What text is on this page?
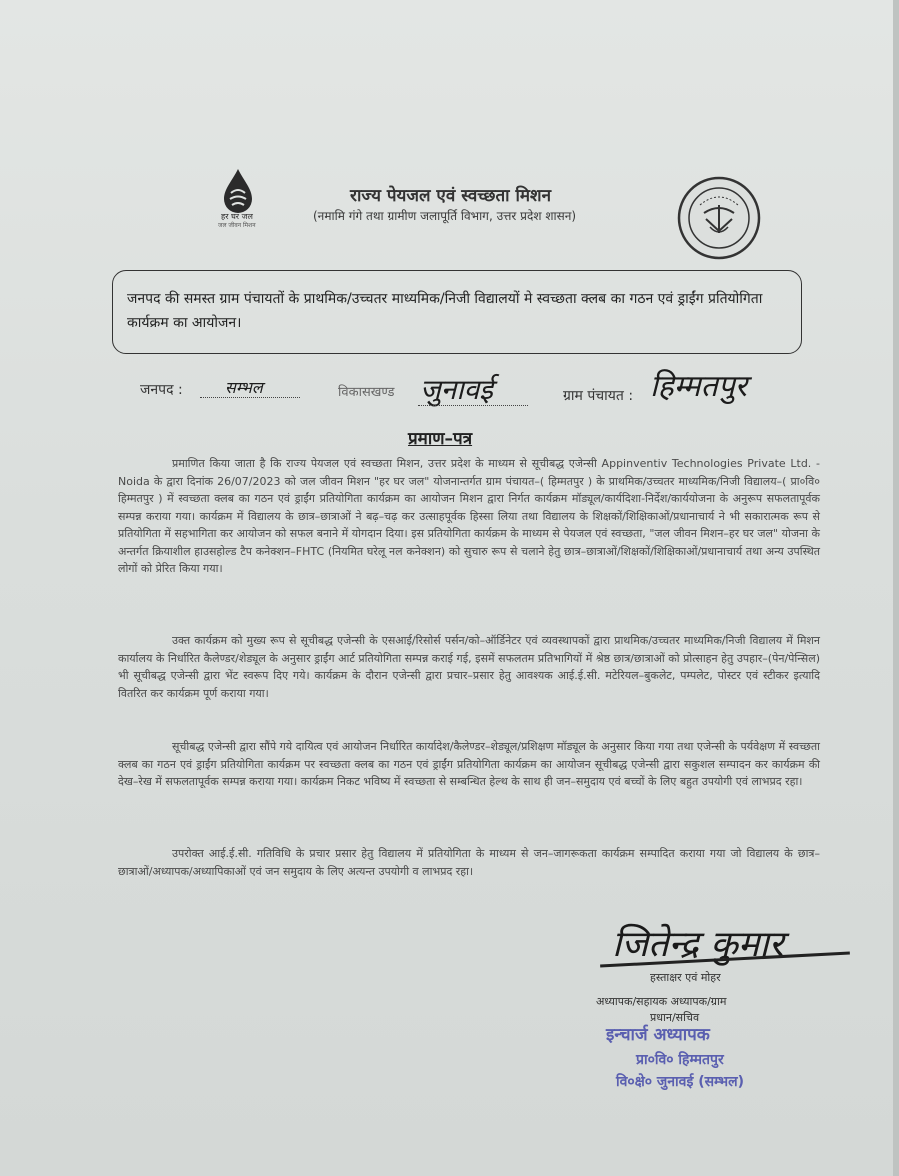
हर घर जल
जल जीवन मिशन
राज्य पेयजल एवं स्वच्छता मिशन
(नमामि गंगे तथा ग्रामीण जलापूर्ति विभाग, उत्तर प्रदेश शासन)
जनपद की समस्त ग्राम पंचायतों के प्राथमिक/उच्चतर माध्यमिक/निजी विद्यालयों मे स्वच्छता क्लब का गठन एवं ड्राईंग प्रतियोगिता कार्यक्रम का आयोजन।
जनपद :	सम्भल	विकासखण्ड जुनावई	ग्राम पंचायत : हिम्मतपुर
प्रमाण–पत्र
प्रमाणित किया जाता है कि राज्य पेयजल एवं स्वच्छता मिशन, उत्तर प्रदेश के माध्यम से सूचीबद्ध एजेन्सी Appinventiv Technologies Private Ltd. - Noida के द्वारा दिनांक 26/07/2023 को जल जीवन मिशन "हर घर जल" योजनान्तर्गत ग्राम पंचायत–( हिम्मतपुर ) के प्राथमिक/उच्चतर माध्यमिक/निजी विद्यालय–( प्रा०वि० हिम्मतपुर ) में स्वच्छता क्लब का गठन एवं ड्राईंग प्रतियोगिता कार्यक्रम का आयोजन मिशन द्वारा निर्गत कार्यक्रम मॉड्यूल/कार्यदिशा-निर्देश/कार्ययोजना के अनुरूप सफलतापूर्वक सम्पन्न कराया गया। कार्यक्रम में विद्यालय के छात्र–छात्राओं ने बढ़–चढ़ कर उत्साहपूर्वक हिस्सा लिया तथा विद्यालय के शिक्षकों/शिक्षिकाओं/प्रधानाचार्य ने भी सकारात्मक रूप से प्रतियोगिता में सहभागिता कर आयोजन को सफल बनाने में योगदान दिया। इस प्रतियोगिता कार्यक्रम के माध्यम से पेयजल एवं स्वच्छता, "जल जीवन मिशन–हर घर जल" योजना के अन्तर्गत क्रियाशील हाउसहोल्ड टैप कनेक्शन–FHTC (नियमित घरेलू नल कनेक्शन) को सुचारु रूप से चलाने हेतु छात्र–छात्राओं/शिक्षकों/शिक्षिकाओं/प्रधानाचार्य तथा अन्य उपस्थित लोगों को प्रेरित किया गया।
उक्त कार्यक्रम को मुख्य रूप से सूचीबद्ध एजेन्सी के एसआई/रिसोर्स पर्सन/को–ऑर्डिनेटर एवं व्यवस्थापकों द्वारा प्राथमिक/उच्चतर माध्यमिक/निजी विद्यालय में मिशन कार्यालय के निर्धारित कैलेण्डर/शेड्यूल के अनुसार ड्राईंग आर्ट प्रतियोगिता सम्पन्न कराई गई, इसमें सफलतम प्रतिभागियों में श्रेष्ठ छात्र/छात्राओं को प्रोत्साहन हेतु उपहार–(पेन/पेन्सिल) भी सूचीबद्ध एजेन्सी द्वारा भेंट स्वरूप दिए गये। कार्यक्रम के दौरान एजेन्सी द्वारा प्रचार–प्रसार हेतु आवश्यक आई.ई.सी. मटेरियल–बुकलेट, पम्पलेट, पोस्टर एवं स्टीकर इत्यादि वितरित कर कार्यक्रम पूर्ण कराया गया।
सूचीबद्ध एजेन्सी द्वारा सौंपे गये दायित्व एवं आयोजन निर्धारित कार्यादेश/कैलेण्डर–शेड्यूल/प्रशिक्षण मॉड्यूल के अनुसार किया गया तथा एजेन्सी के पर्यवेक्षण में स्वच्छता क्लब का गठन एवं ड्राईंग प्रतियोगिता कार्यक्रम पर स्वच्छता क्लब का गठन एवं ड्राईंग प्रतियोगिता कार्यक्रम का आयोजन सूचीबद्ध एजेन्सी द्वारा सकुशल सम्पादन कर कार्यक्रम की देख–रेख में सफलतापूर्वक सम्पन्न कराया गया। कार्यक्रम निकट भविष्य में स्वच्छता से सम्बन्धित हेल्थ के साथ ही जन–समुदाय एवं बच्चों के लिए बहुत उपयोगी एवं लाभप्रद रहा।
उपरोक्त आई.ई.सी. गतिविधि के प्रचार प्रसार हेतु विद्यालय में प्रतियोगिता के माध्यम से जन–जागरूकता कार्यक्रम सम्पादित कराया गया जो विद्यालय के छात्र–छात्राओं/अध्यापक/अध्यापिकाओं एवं जन समुदाय के लिए अत्यन्त उपयोगी व लाभप्रद रहा।
जितेन्द्र कुमार
हस्ताक्षर एवं मोहर
अध्यापक/सहायक अध्यापक/ग्राम
प्रधान/सचिव
इन्चार्ज अध्यापक
प्रा०वि० हिम्मतपुर
वि०क्षे० जुनावई (सम्भल)
